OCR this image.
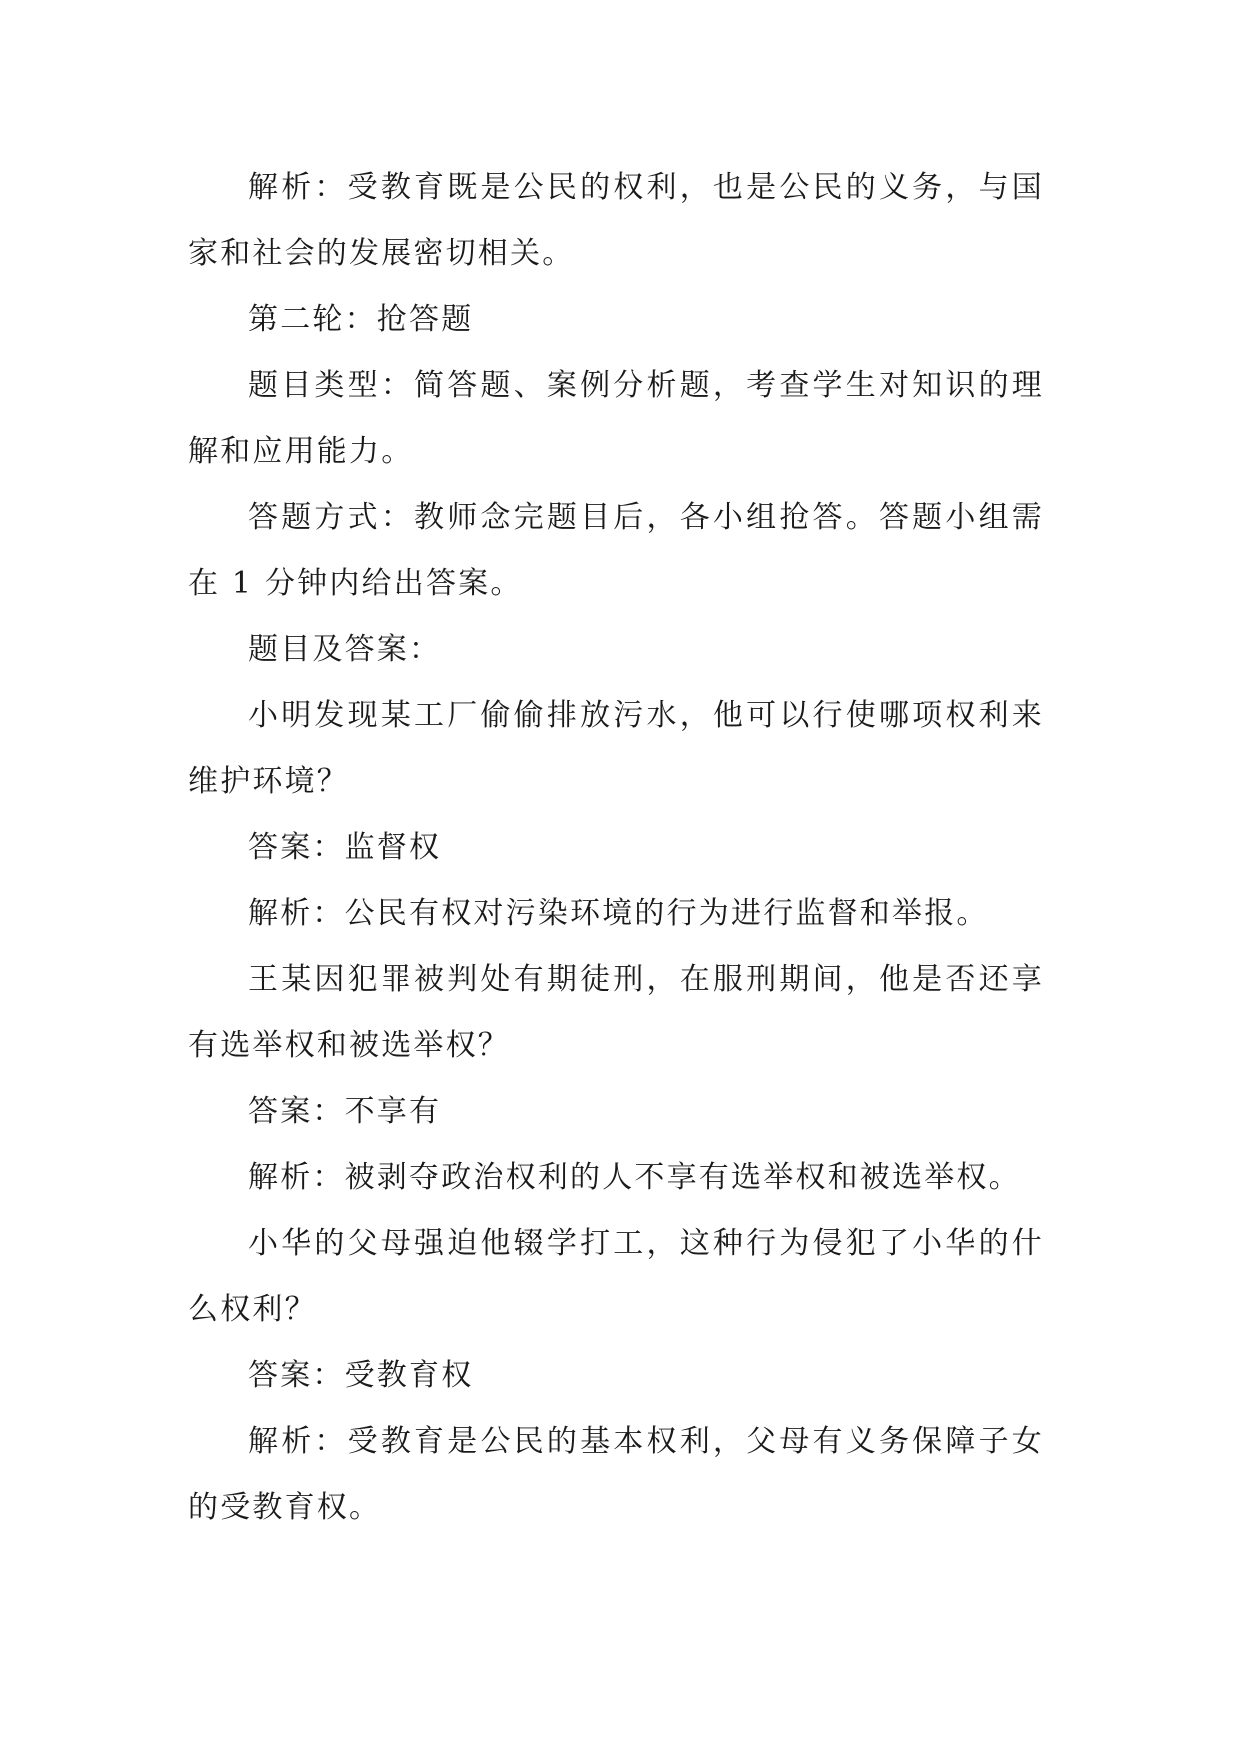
解析：受教育既是公民的权利，也是公民的义务，与国家和社会的发展密切相关。

第二轮：抢答题

题目类型：简答题、案例分析题，考查学生对知识的理解和应用能力。

答题方式：教师念完题目后，各小组抢答。答题小组需在 1 分钟内给出答案。

题目及答案：

小明发现某工厂偷偷排放污水，他可以行使哪项权利来维护环境？

答案：监督权

解析：公民有权对污染环境的行为进行监督和举报。

王某因犯罪被判处有期徒刑，在服刑期间，他是否还享有选举权和被选举权？

答案：不享有

解析：被剥夺政治权利的人不享有选举权和被选举权。

小华的父母强迫他辍学打工，这种行为侵犯了小华的什么权利？

答案：受教育权

解析：受教育是公民的基本权利，父母有义务保障子女的受教育权。
